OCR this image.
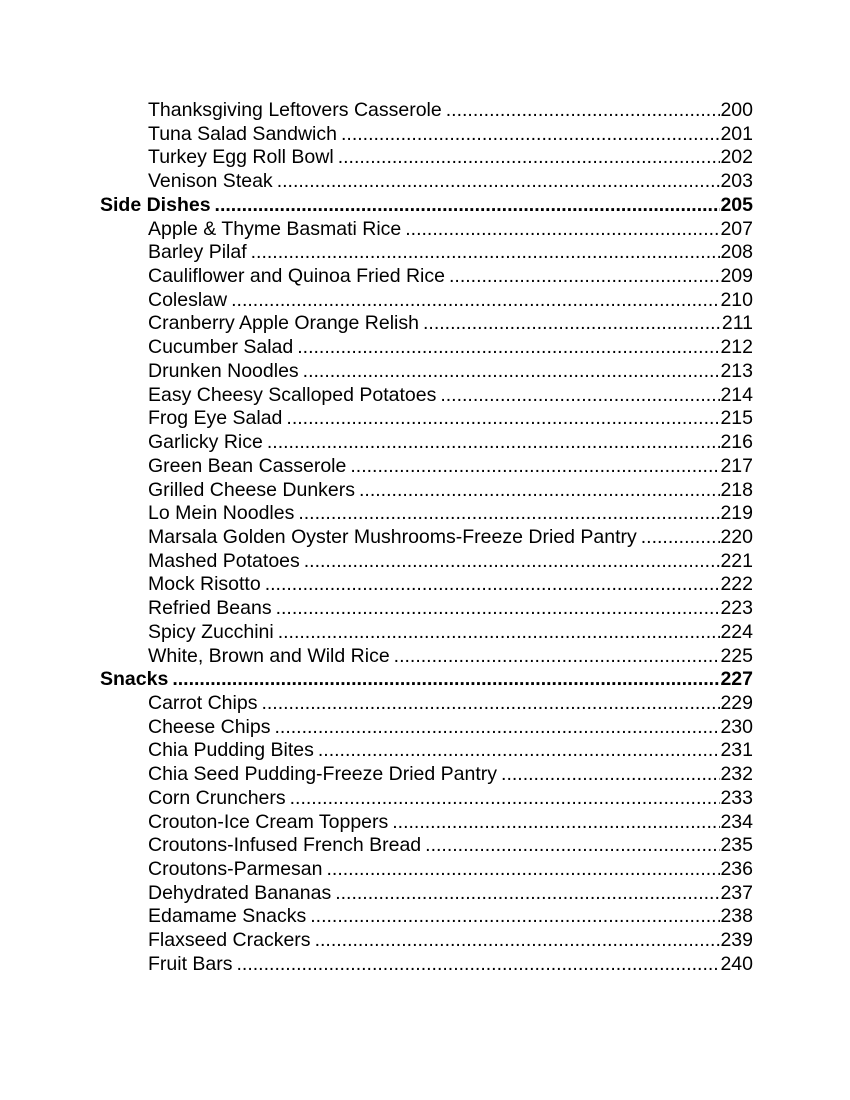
Thanksgiving Leftovers Casserole .....	200
Tuna Salad Sandwich .....	201
Turkey Egg Roll Bowl .....	202
Venison Steak .....	203
Side Dishes .....	205
Apple & Thyme Basmati Rice .....	207
Barley Pilaf .....	208
Cauliflower and Quinoa Fried Rice .....	209
Coleslaw .....	210
Cranberry Apple Orange Relish .....	211
Cucumber Salad .....	212
Drunken Noodles .....	213
Easy Cheesy Scalloped Potatoes .....	214
Frog Eye Salad .....	215
Garlicky Rice .....	216
Green Bean Casserole .....	217
Grilled Cheese Dunkers .....	218
Lo Mein Noodles .....	219
Marsala Golden Oyster Mushrooms-Freeze Dried Pantry .....	220
Mashed Potatoes .....	221
Mock Risotto .....	222
Refried Beans .....	223
Spicy Zucchini .....	224
White, Brown and Wild Rice .....	225
Snacks .....	227
Carrot Chips .....	229
Cheese Chips .....	230
Chia Pudding Bites .....	231
Chia Seed Pudding-Freeze Dried Pantry .....	232
Corn Crunchers .....	233
Crouton-Ice Cream Toppers .....	234
Croutons-Infused French Bread .....	235
Croutons-Parmesan .....	236
Dehydrated Bananas .....	237
Edamame Snacks .....	238
Flaxseed Crackers .....	239
Fruit Bars .....	240
